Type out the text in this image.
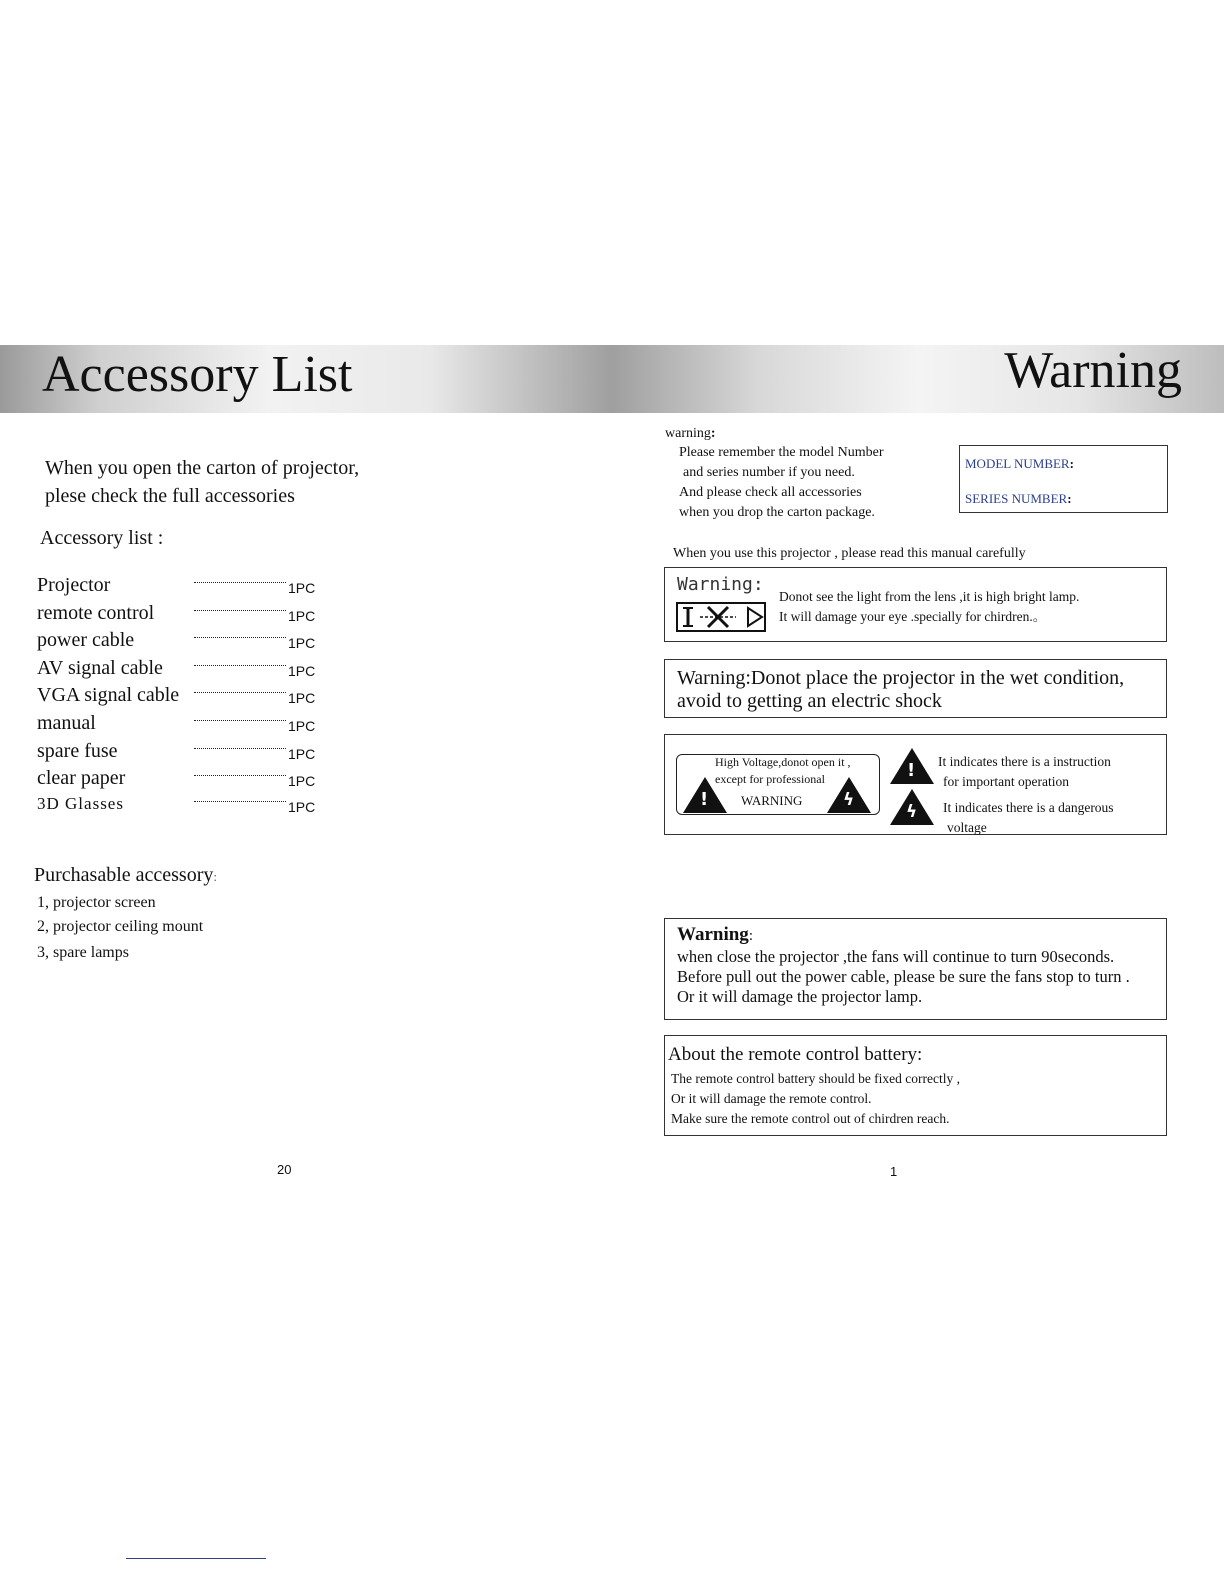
Accessory List	Warning
When you open the carton of projector,
plese check the full accessories
Accessory list :
Projector	1PC
remote control	1PC
power cable	1PC
AV signal cable	1PC
VGA signal cable	1PC
manual	1PC
spare fuse	1PC
clear paper	1PC
3D Glasses	1PC
Purchasable accessory:
1, projector screen
2, projector ceiling mount
3, spare lamps
20
warning:
Please remember the model Number
and series number if you need.
And please check all accessories
when you drop the carton package.
MODEL NUMBER:
SERIES NUMBER:
When you use this projector , please read this manual carefully
Warning:
Donot see the light from the lens ,it is high bright lamp.
It will damage your eye .specially for chirdren.。
Warning:Donot place the projector in the wet condition,
avoid to getting an electric shock
High Voltage,donot open it ,
except for professional
WARNING
!	ϟ
! It indicates there is a instruction
for important operation
ϟ It indicates there is a dangerous
voltage
Warning:
when close the projector ,the fans will continue to turn 90seconds.
Before pull out the power cable, please be sure the fans stop to turn .
Or it will damage the projector lamp.
About the remote control battery:
The remote control battery should be fixed correctly ,
Or it will damage the remote control.
Make sure the remote control out of chirdren reach.
1
